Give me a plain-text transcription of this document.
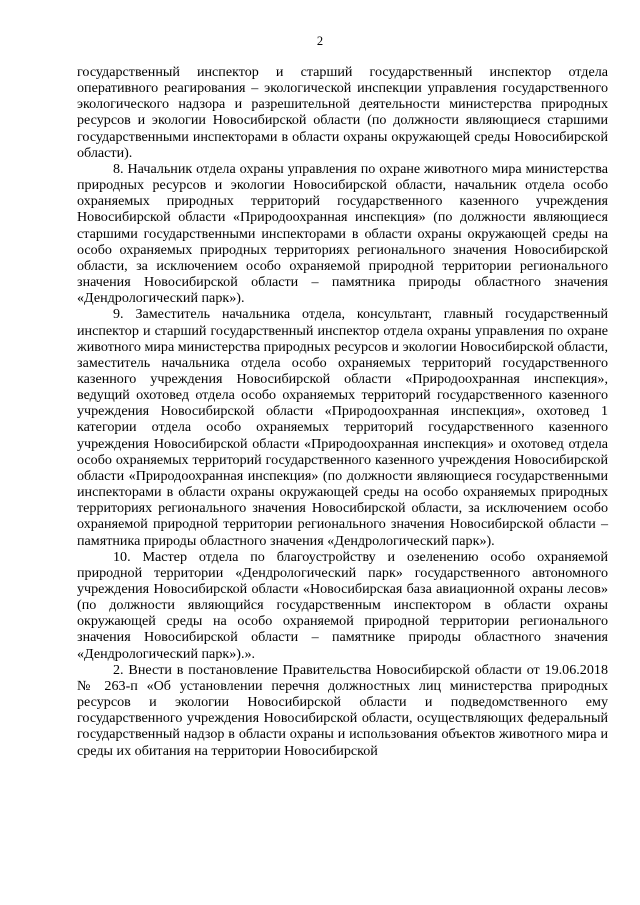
2

государственный инспектор и старший государственный инспектор отдела оперативного реагирования – экологической инспекции управления государственного экологического надзора и разрешительной деятельности министерства природных ресурсов и экологии Новосибирской области (по должности являющиеся старшими государственными инспекторами в области охраны окружающей среды Новосибирской области).

8. Начальник отдела охраны управления по охране животного мира министерства природных ресурсов и экологии Новосибирской области, начальник отдела особо охраняемых природных территорий государственного казенного учреждения Новосибирской области «Природоохранная инспекция» (по должности являющиеся старшими государственными инспекторами в области охраны окружающей среды на особо охраняемых природных территориях регионального значения Новосибирской области, за исключением особо охраняемой природной территории регионального значения Новосибирской области – памятника природы областного значения «Дендрологический парк»).

9. Заместитель начальника отдела, консультант, главный государственный инспектор и старший государственный инспектор отдела охраны управления по охране животного мира министерства природных ресурсов и экологии Новосибирской области, заместитель начальника отдела особо охраняемых территорий государственного казенного учреждения Новосибирской области «Природоохранная инспекция», ведущий охотовед отдела особо охраняемых территорий государственного казенного учреждения Новосибирской области «Природоохранная инспекция», охотовед 1 категории отдела особо охраняемых территорий государственного казенного учреждения Новосибирской области «Природоохранная инспекция» и охотовед отдела особо охраняемых территорий государственного казенного учреждения Новосибирской области «Природоохранная инспекция» (по должности являющиеся государственными инспекторами в области охраны окружающей среды на особо охраняемых природных территориях регионального значения Новосибирской области, за исключением особо охраняемой природной территории регионального значения Новосибирской области – памятника природы областного значения «Дендрологический парк»).

10. Мастер отдела по благоустройству и озеленению особо охраняемой природной территории «Дендрологический парк» государственного автономного учреждения Новосибирской области «Новосибирская база авиационной охраны лесов» (по должности являющийся государственным инспектором в области охраны окружающей среды на особо охраняемой природной территории регионального значения Новосибирской области – памятнике природы областного значения «Дендрологический парк»).».

2. Внести в постановление Правительства Новосибирской области от 19.06.2018 № 263-п «Об установлении перечня должностных лиц министерства природных ресурсов и экологии Новосибирской области и подведомственного ему государственного учреждения Новосибирской области, осуществляющих федеральный государственный надзор в области охраны и использования объектов животного мира и среды их обитания на территории Новосибирской
